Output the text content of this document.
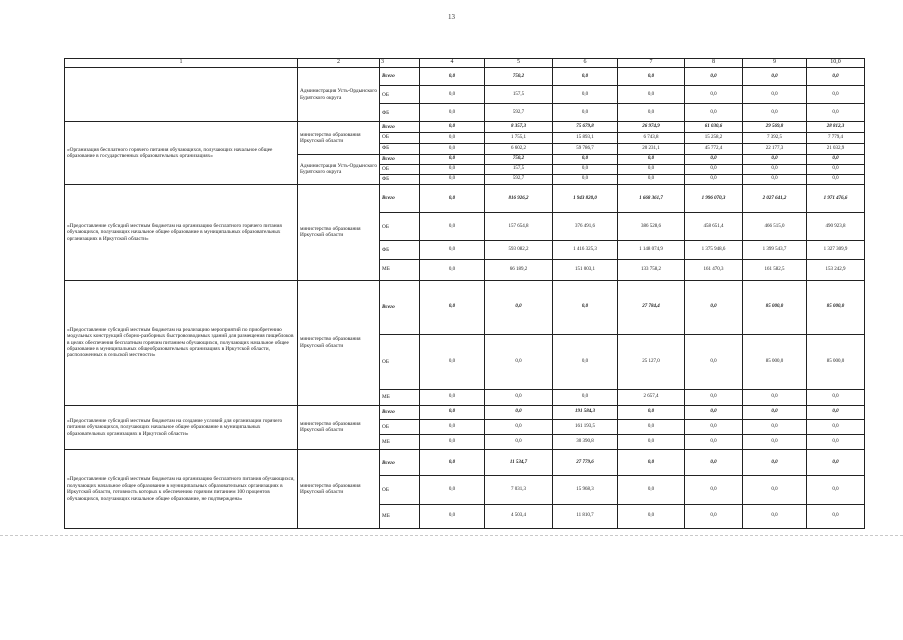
13
1	2	3	4	5	6	7	8	9	10,0
	Администрация Усть-Ордынского Бурятского округа	Всего	0,0	750,2	0,0	0,0	0,0	0,0	0,0
		ОБ	0,0	157,5	0,0	0,0	0,0	0,0	0,0
		ФБ	0,0	592,7	0,0	0,0	0,0	0,0	0,0
«Организация бесплатного горячего питания обучающихся, получающих начальное общее образование в государственных образовательных организациях»	министерство образования Иркутской области	Всего	0,0	8 357,3	75 679,8	26 974,9	61 030,6	29 569,8	28 812,3
		ОБ	0,0	1 755,1	15 893,1	6 743,8	15 258,2	7 392,5	7 779,4
		ФБ	0,0	6 602,2	59 786,7	20 231,1	45 772,4	22 177,3	21 032,9
	Администрация Усть-Ордынского Бурятского округа	Всего	0,0	750,2	0,0	0,0	0,0	0,0	0,0
		ОБ	0,0	157,5	0,0	0,0	0,0	0,0	0,0
		ФБ	0,0	592,7	0,0	0,0	0,0	0,0	0,0
«Предоставление субсидий местным бюджетам на организацию бесплатного горячего питания обучающихся, получающих начальное общее образование в муниципальных образовательных организациях в Иркутской области»	министерство образования Иркутской области	Всего	0,0	816 926,2	1 943 820,0	1 668 361,7	1 996 070,3	2 027 641,2	1 971 476,6
		ОБ	0,0	157 654,8	376 491,6	386 528,6	458 651,4	466 515,0	490 923,8
		ФБ	0,0	593 082,2	1 416 325,3	1 148 074,9	1 375 948,6	1 399 543,7	1 327 309,9
		МБ	0,0	66 189,2	151 003,1	133 758,2	161 470,3	161 582,5	153 242,9
«Предоставление субсидий местным бюджетам на реализацию мероприятий по приобретению модульных конструкций сборно-разборных быстровозводимых зданий для размещения пищеблоков в целях обеспечения бесплатным горячим питанием обучающихся, получающих начальное общее образование в муниципальных общеобразовательных организациях в Иркутской области, расположенных в сельской местности»	министерство образования Иркутской области	Всего	0,0	0,0	0,0	27 784,4	0,0	85 000,0	85 000,0
		ОБ	0,0	0,0	0,0	25 127,0	0,0	85 000,0	85 000,0
		МБ	0,0	0,0	0,0	2 657,4	0,0	0,0	0,0
«Предоставление субсидий местным бюджетам на создание условий для организации горячего питания обучающихся, получающих начальное общее образование в муниципальных образовательных организациях в Иркутской области»	министерство образования Иркутской области	Всего	0,0	0,0	191 584,3	0,0	0,0	0,0	0,0
		ОБ	0,0	0,0	161 193,5	0,0	0,0	0,0	0,0
		МБ	0,0	0,0	30 390,8	0,0	0,0	0,0	0,0
«Предоставление субсидий местным бюджетам на организацию бесплатного питания обучающихся, получающих начальное общее образование в муниципальных образовательных организациях в Иркутской области, готовность которых к обеспечению горячим питанием 100 процентов обучающихся, получающих начальное общее образование, не подтверждена»	министерство образования Иркутской области	Всего	0,0	11 534,7	27 779,6	0,0	0,0	0,0	0,0
		ОБ	0,0	7 031,3	15 968,3	0,0	0,0	0,0	0,0
		МБ	0,0	4 503,4	11 810,7	0,0	0,0	0,0	0,0
